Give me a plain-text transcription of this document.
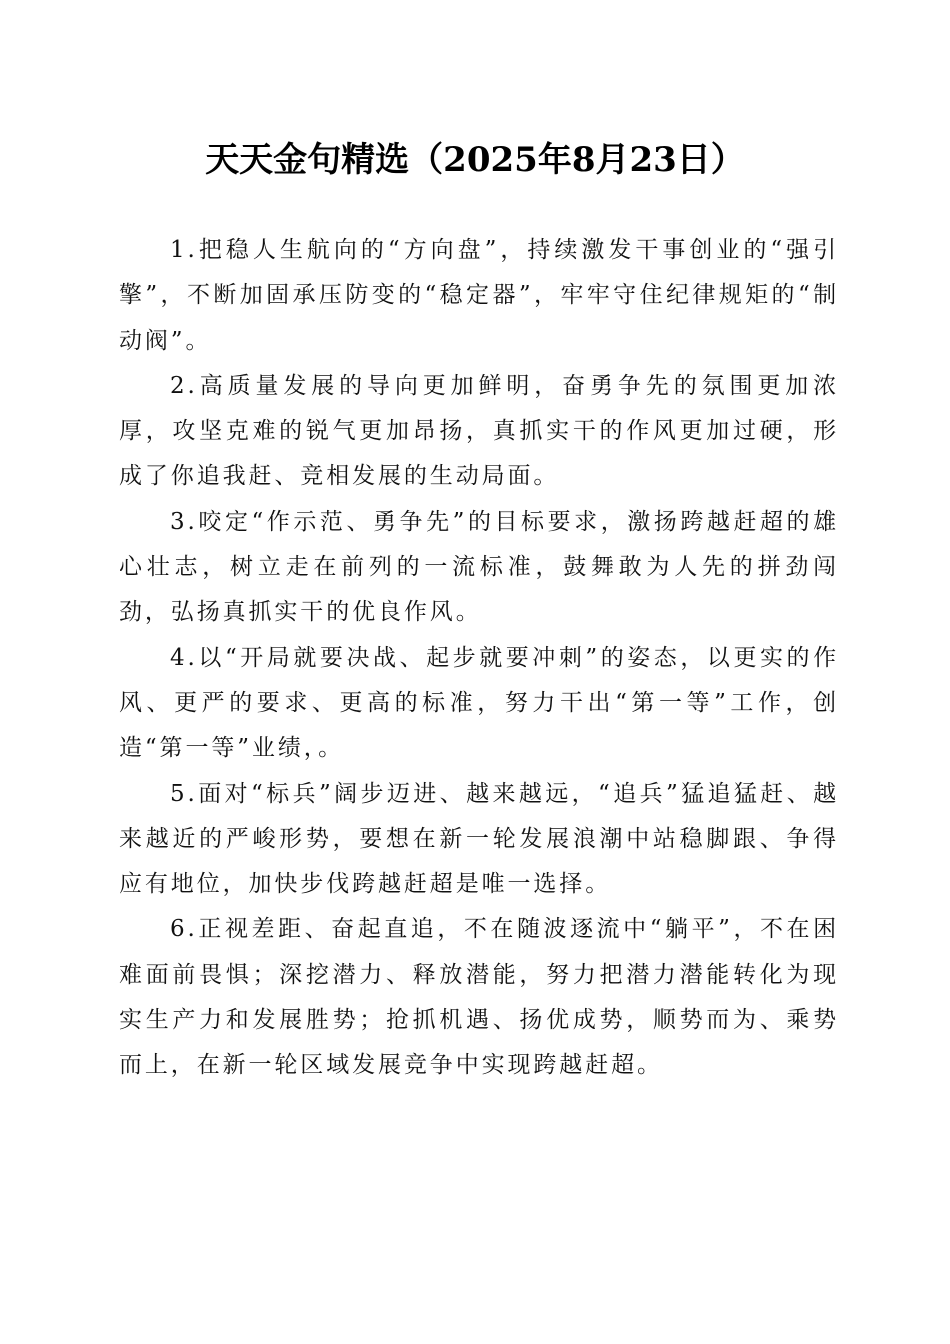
天天金句精选（2025年8月23日）

1.把稳人生航向的“方向盘”，持续激发干事创业的“强引擎”，不断加固承压防变的“稳定器”，牢牢守住纪律规矩的“制动阀”。

2.高质量发展的导向更加鲜明，奋勇争先的氛围更加浓厚，攻坚克难的锐气更加昂扬，真抓实干的作风更加过硬，形成了你追我赶、竞相发展的生动局面。

3.咬定“作示范、勇争先”的目标要求，激扬跨越赶超的雄心壮志，树立走在前列的一流标准，鼓舞敢为人先的拼劲闯劲，弘扬真抓实干的优良作风。

4.以“开局就要决战、起步就要冲刺”的姿态，以更实的作风、更严的要求、更高的标准，努力干出“第一等”工作，创造“第一等”业绩，。

5.面对“标兵”阔步迈进、越来越远，“追兵”猛追猛赶、越来越近的严峻形势，要想在新一轮发展浪潮中站稳脚跟、争得应有地位，加快步伐跨越赶超是唯一选择。

6.正视差距、奋起直追，不在随波逐流中“躺平”，不在困难面前畏惧；深挖潜力、释放潜能，努力把潜力潜能转化为现实生产力和发展胜势；抢抓机遇、扬优成势，顺势而为、乘势而上，在新一轮区域发展竞争中实现跨越赶超。
